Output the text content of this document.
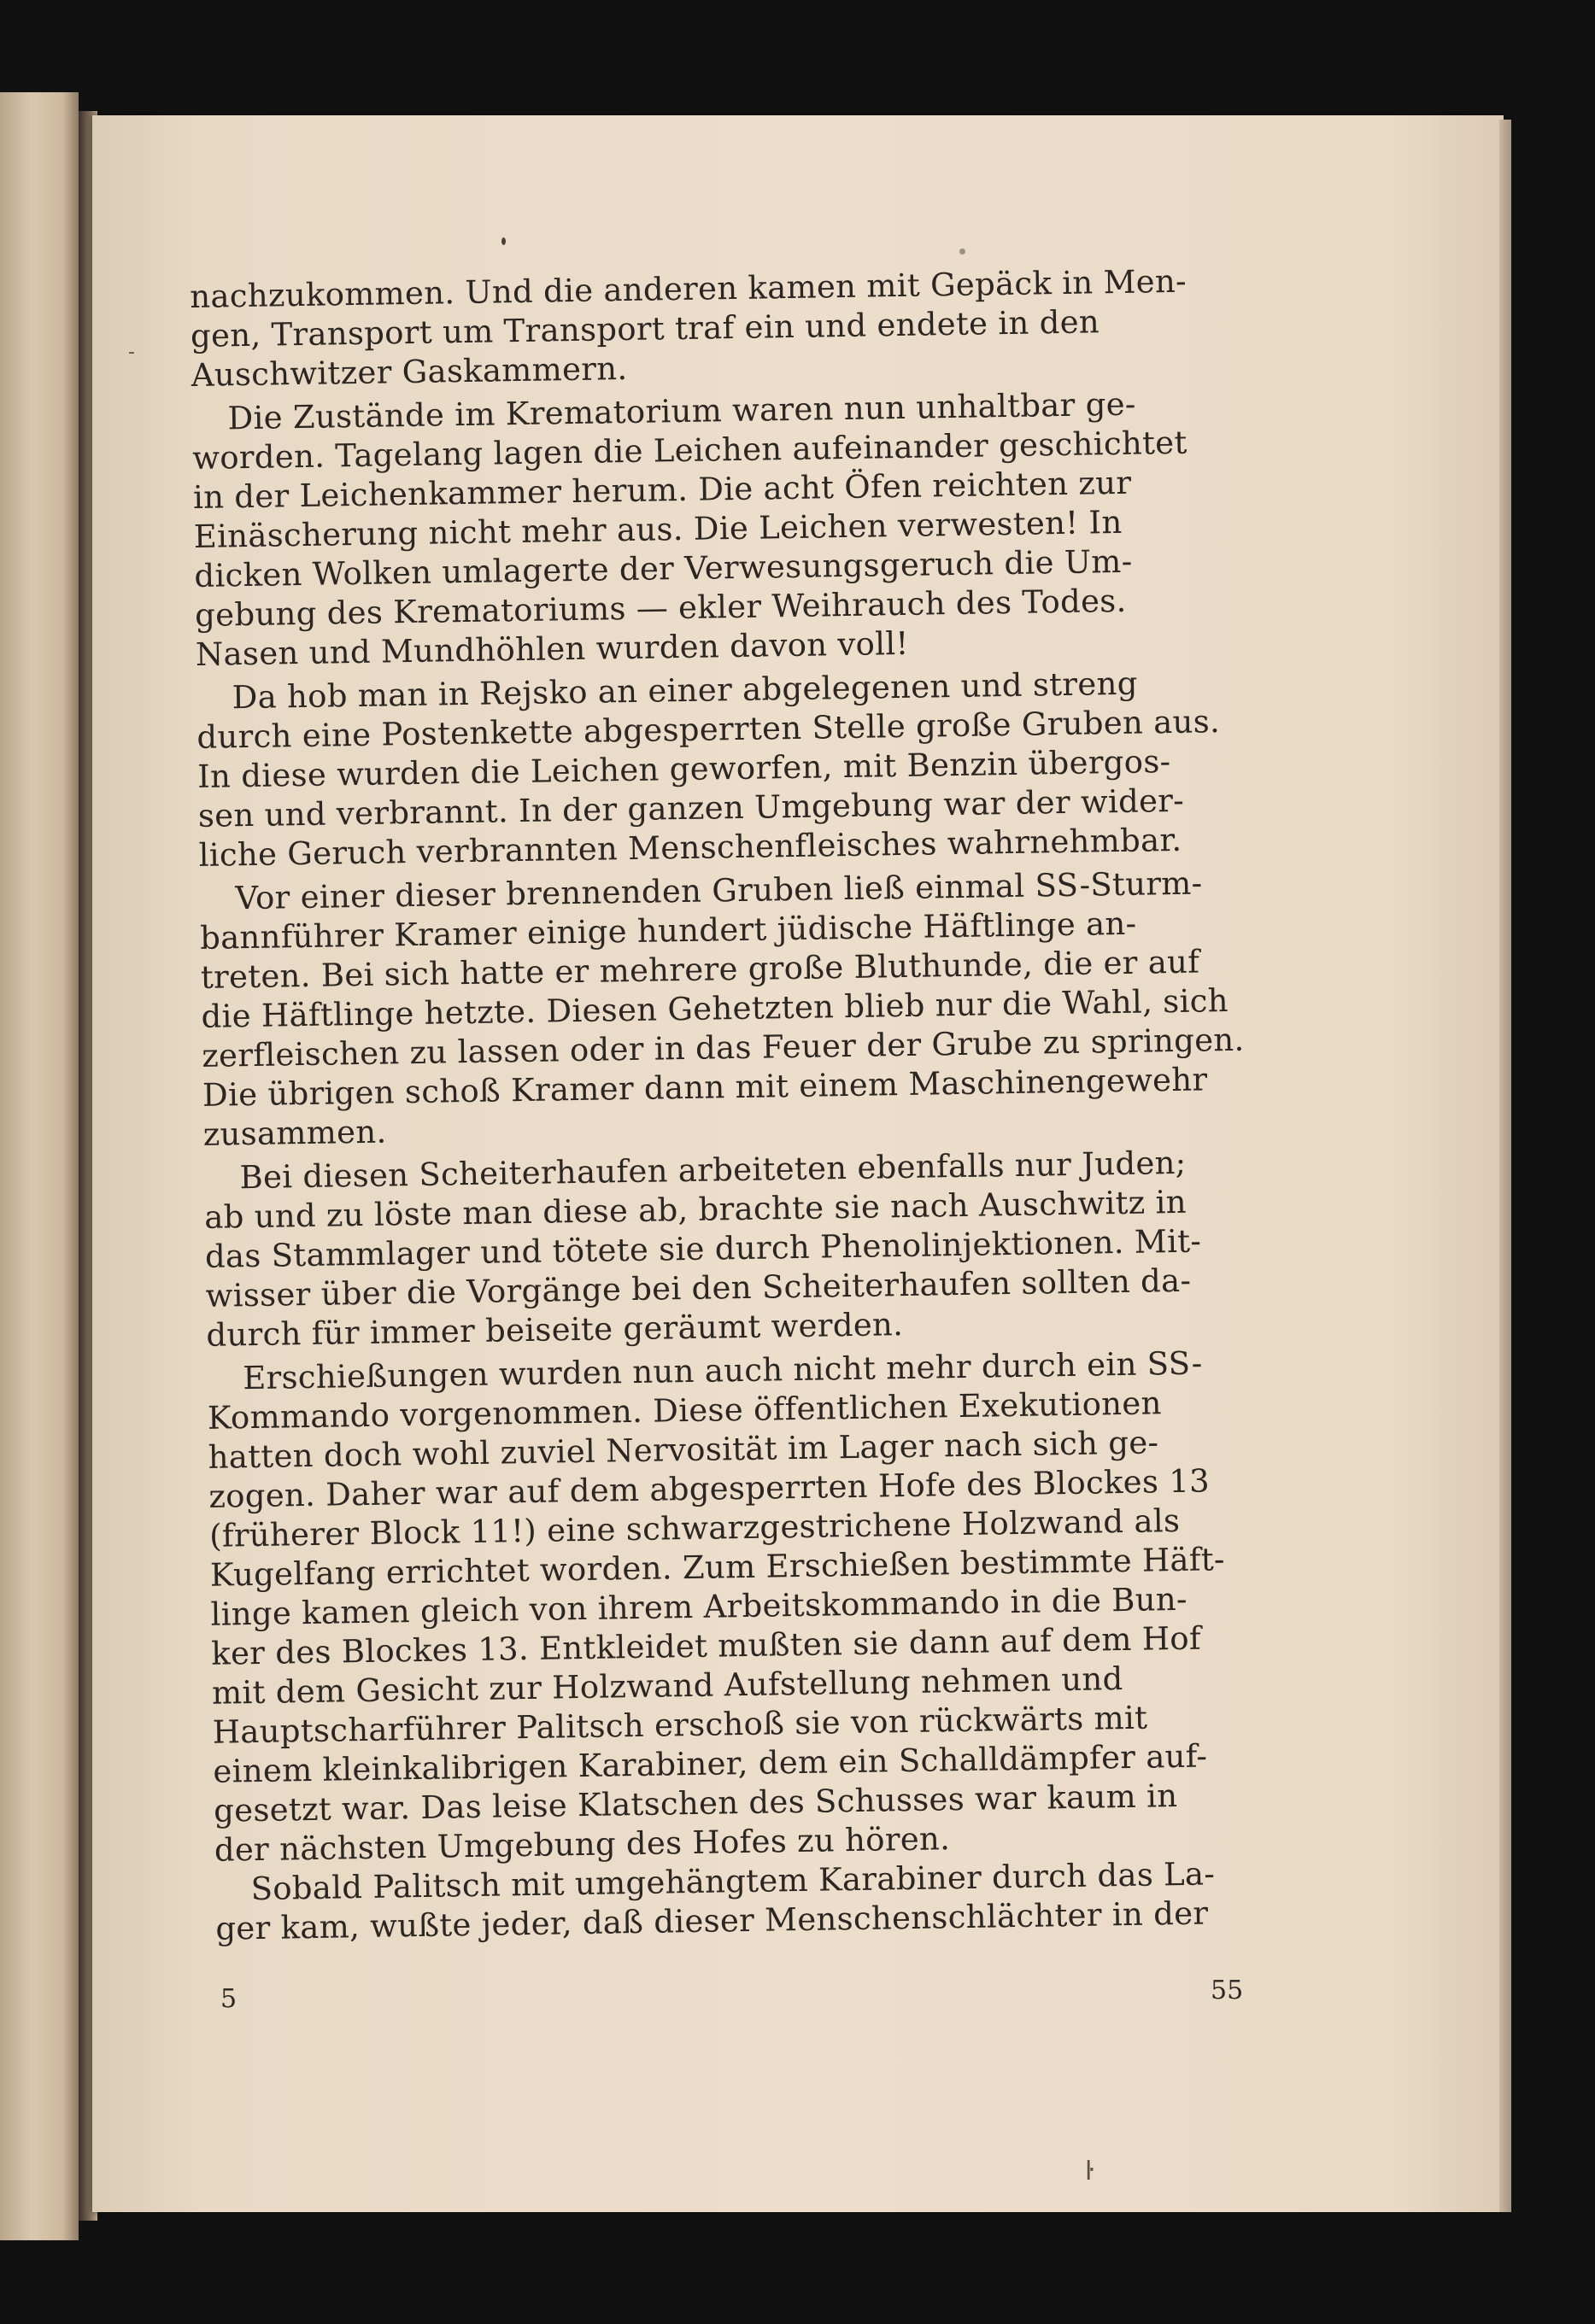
nachzukommen. Und die anderen kamen mit Gepäck in Men-
gen, Transport um Transport traf ein und endete in den
Auschwitzer Gaskammern.
Die Zustände im Krematorium waren nun unhaltbar ge-
worden. Tagelang lagen die Leichen aufeinander geschichtet
in der Leichenkammer herum. Die acht Öfen reichten zur
Einäscherung nicht mehr aus. Die Leichen verwesten! In
dicken Wolken umlagerte der Verwesungsgeruch die Um-
gebung des Krematoriums — ekler Weihrauch des Todes.
Nasen und Mundhöhlen wurden davon voll!
Da hob man in Rejsko an einer abgelegenen und streng
durch eine Postenkette abgesperrten Stelle große Gruben aus.
In diese wurden die Leichen geworfen, mit Benzin übergos-
sen und verbrannt. In der ganzen Umgebung war der wider-
liche Geruch verbrannten Menschenfleisches wahrnehmbar.
Vor einer dieser brennenden Gruben ließ einmal SS-Sturm-
bannführer Kramer einige hundert jüdische Häftlinge an-
treten. Bei sich hatte er mehrere große Bluthunde, die er auf
die Häftlinge hetzte. Diesen Gehetzten blieb nur die Wahl, sich
zerfleischen zu lassen oder in das Feuer der Grube zu springen.
Die übrigen schoß Kramer dann mit einem Maschinengewehr
zusammen.
Bei diesen Scheiterhaufen arbeiteten ebenfalls nur Juden;
ab und zu löste man diese ab, brachte sie nach Auschwitz in
das Stammlager und tötete sie durch Phenolinjektionen. Mit-
wisser über die Vorgänge bei den Scheiterhaufen sollten da-
durch für immer beiseite geräumt werden.
Erschießungen wurden nun auch nicht mehr durch ein SS-
Kommando vorgenommen. Diese öffentlichen Exekutionen
hatten doch wohl zuviel Nervosität im Lager nach sich ge-
zogen. Daher war auf dem abgesperrten Hofe des Blockes 13
(früherer Block 11!) eine schwarzgestrichene Holzwand als
Kugelfang errichtet worden. Zum Erschießen bestimmte Häft-
linge kamen gleich von ihrem Arbeitskommando in die Bun-
ker des Blockes 13. Entkleidet mußten sie dann auf dem Hof
mit dem Gesicht zur Holzwand Aufstellung nehmen und
Hauptscharführer Palitsch erschoß sie von rückwärts mit
einem kleinkalibrigen Karabiner, dem ein Schalldämpfer auf-
gesetzt war. Das leise Klatschen des Schusses war kaum in
der nächsten Umgebung des Hofes zu hören.
Sobald Palitsch mit umgehängtem Karabiner durch das La-
ger kam, wußte jeder, daß dieser Menschenschlächter in der
5	55
-
ŀ
